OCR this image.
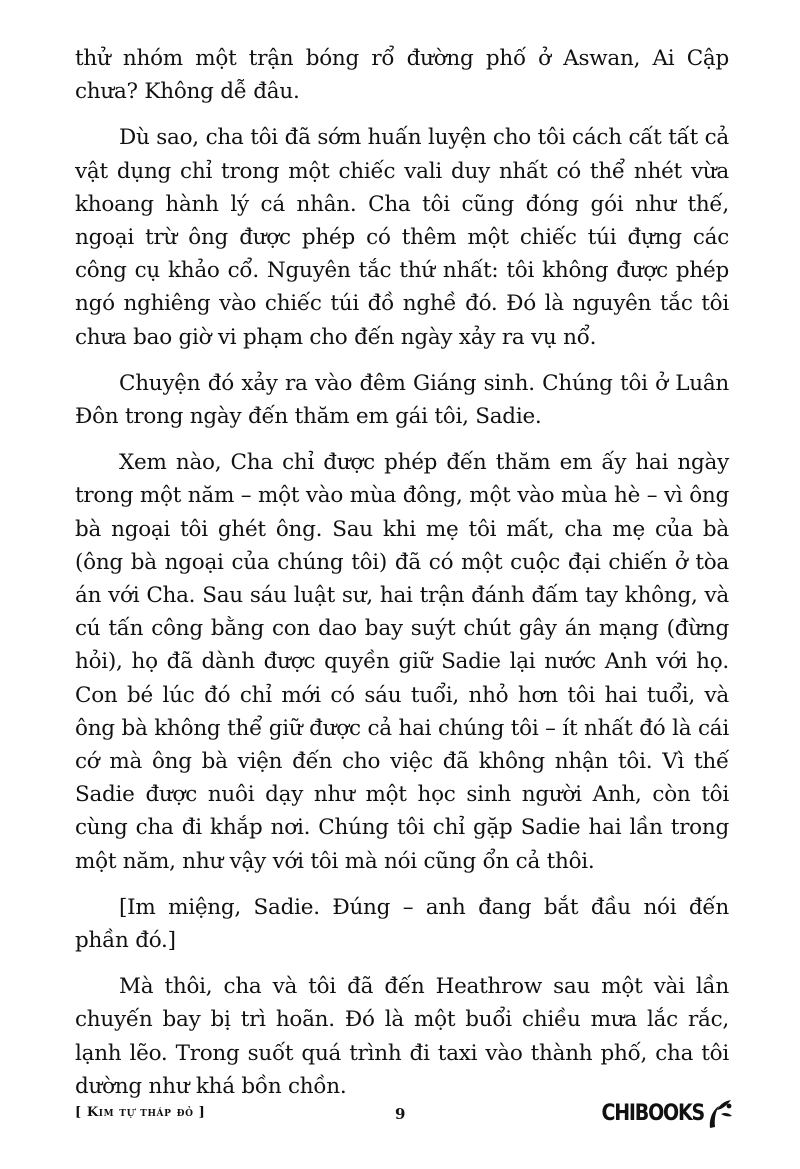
thử nhóm một trận bóng rổ đường phố ở Aswan, Ai Cập chưa? Không dễ đâu.

Dù sao, cha tôi đã sớm huấn luyện cho tôi cách cất tất cả vật dụng chỉ trong một chiếc vali duy nhất có thể nhét vừa khoang hành lý cá nhân. Cha tôi cũng đóng gói như thế, ngoại trừ ông được phép có thêm một chiếc túi đựng các công cụ khảo cổ. Nguyên tắc thứ nhất: tôi không được phép ngó nghiêng vào chiếc túi đồ nghề đó. Đó là nguyên tắc tôi chưa bao giờ vi phạm cho đến ngày xảy ra vụ nổ.

Chuyện đó xảy ra vào đêm Giáng sinh. Chúng tôi ở Luân Đôn trong ngày đến thăm em gái tôi, Sadie.

Xem nào, Cha chỉ được phép đến thăm em ấy hai ngày trong một năm – một vào mùa đông, một vào mùa hè – vì ông bà ngoại tôi ghét ông. Sau khi mẹ tôi mất, cha mẹ của bà (ông bà ngoại của chúng tôi) đã có một cuộc đại chiến ở tòa án với Cha. Sau sáu luật sư, hai trận đánh đấm tay không, và cú tấn công bằng con dao bay suýt chút gây án mạng (đừng hỏi), họ đã dành được quyền giữ Sadie lại nước Anh với họ. Con bé lúc đó chỉ mới có sáu tuổi, nhỏ hơn tôi hai tuổi, và ông bà không thể giữ được cả hai chúng tôi – ít nhất đó là cái cớ mà ông bà viện đến cho việc đã không nhận tôi. Vì thế Sadie được nuôi dạy như một học sinh người Anh, còn tôi cùng cha đi khắp nơi. Chúng tôi chỉ gặp Sadie hai lần trong một năm, như vậy với tôi mà nói cũng ổn cả thôi.

[Im miệng, Sadie. Đúng – anh đang bắt đầu nói đến phần đó.]

Mà thôi, cha và tôi đã đến Heathrow sau một vài lần chuyến bay bị trì hoãn. Đó là một buổi chiều mưa lắc rắc, lạnh lẽo. Trong suốt quá trình đi taxi vào thành phố, cha tôi dường như khá bồn chồn.

[ Kim tự tháp đỏ ]	9	CHIBOOKS
